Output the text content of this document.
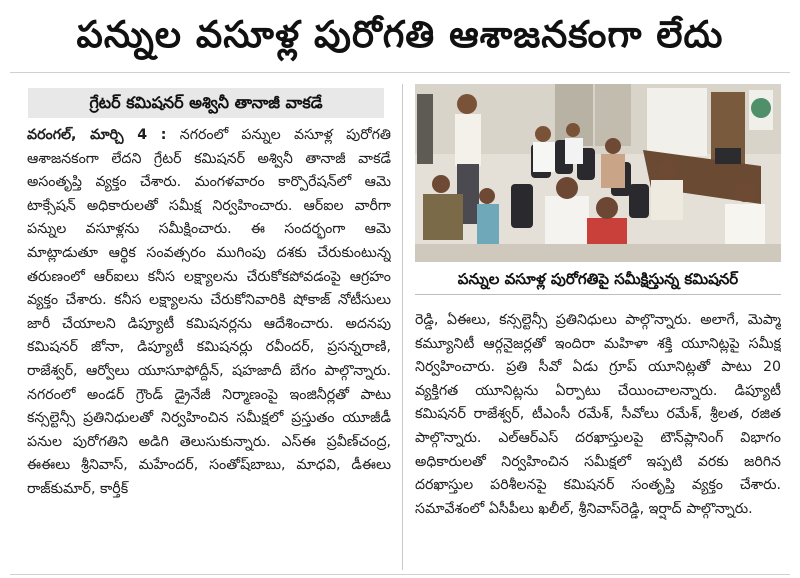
పన్నుల వసూళ్ల పురోగతి ఆశాజనకంగా లేదు
గ్రేటర్ కమిషనర్ అశ్వినీ తానాజీ వాకడే

వరంగల్, మార్చి 4 : నగరంలో పన్నుల వసూళ్ల పురోగతి ఆశాజనకంగా లేదని గ్రేటర్ కమిషనర్ అశ్వినీ తానాజీ వాకడే అసంతృప్తి వ్యక్తం చేశారు. మంగళవారం కార్పొరేషన్‌లో ఆమె టాక్సేషన్ అధికారులతో సమీక్ష నిర్వహించారు. ఆర్ఐల వారీగా పన్నుల వసూళ్లను సమీక్షించారు. ఈ సందర్భంగా ఆమె మాట్లాడుతూ ఆర్థిక సంవత్సరం ముగింపు దశకు చేరుకుంటున్న తరుణంలో ఆర్ఐలు కనీస లక్ష్యాలను చేరుకోకపోవడంపై ఆగ్రహం వ్యక్తం చేశారు. కనీస లక్ష్యాలను చేరుకోనివారికి షోకాజ్ నోటీసులు జారీ చేయాలని డిప్యూటీ కమిషనర్లను ఆదేశించారు. అదనపు కమిషనర్ జోనా, డిప్యూటీ కమిషనర్లు రవీందర్, ప్రసన్నరాణి, రాజేశ్వర్, ఆర్వోలు యూసూఫోద్దీన్, షహజాదీ బేగం పాల్గొన్నారు. నగరంలో అండర్ గ్రౌండ్ డ్రైనేజీ నిర్మాణంపై ఇంజినీర్లతో పాటు కన్సల్టెన్సీ ప్రతినిధులతో నిర్వహించిన సమీక్షలో ప్రస్తుతం యూజీడీ పనుల పురోగతిని అడిగి తెలుసుకున్నారు. ఎస్ఈ ప్రవీణ్‌చంద్ర, ఈఈలు శ్రీనివాస్, మహేందర్, సంతోష్‌బాబు, మాధవి, డీఈలు రాజ్‌కుమార్, కార్తీక్

పన్నుల వసూళ్ల పురోగతిపై సమీక్షిస్తున్న కమిషనర్

రెడ్డి, ఏఈలు, కన్సల్టెన్సీ ప్రతినిధులు పాల్గొన్నారు. అలాగే, మెప్మా కమ్యూనిటీ ఆర్గనైజర్లతో ఇందిరా మహిళా శక్తి యూనిట్లపై సమీక్ష నిర్వహించారు. ప్రతి సీవో ఏడు గ్రూప్ యూనిట్లతో పాటు 20 వ్యక్తిగత యూనిట్లను ఏర్పాటు చేయించాలన్నారు. డిప్యూటీ కమిషనర్ రాజేశ్వర్, టీఎంసీ రమేశ్, సీవోలు రమేశ్, శ్రీలత, రజిత పాల్గొన్నారు. ఎల్ఆర్ఎస్ దరఖాస్తులపై టౌన్‌ప్లానింగ్ విభాగం అధికారులతో నిర్వహించిన సమీక్షలో ఇప్పటి వరకు జరిగిన దరఖాస్తుల పరిశీలనపై కమిషనర్ సంతృప్తి వ్యక్తం చేశారు. సమావేశంలో ఏసీపీలు ఖలీల్, శ్రీనివాస్‌రెడ్డి, ఇర్షాద్ పాల్గొన్నారు.
